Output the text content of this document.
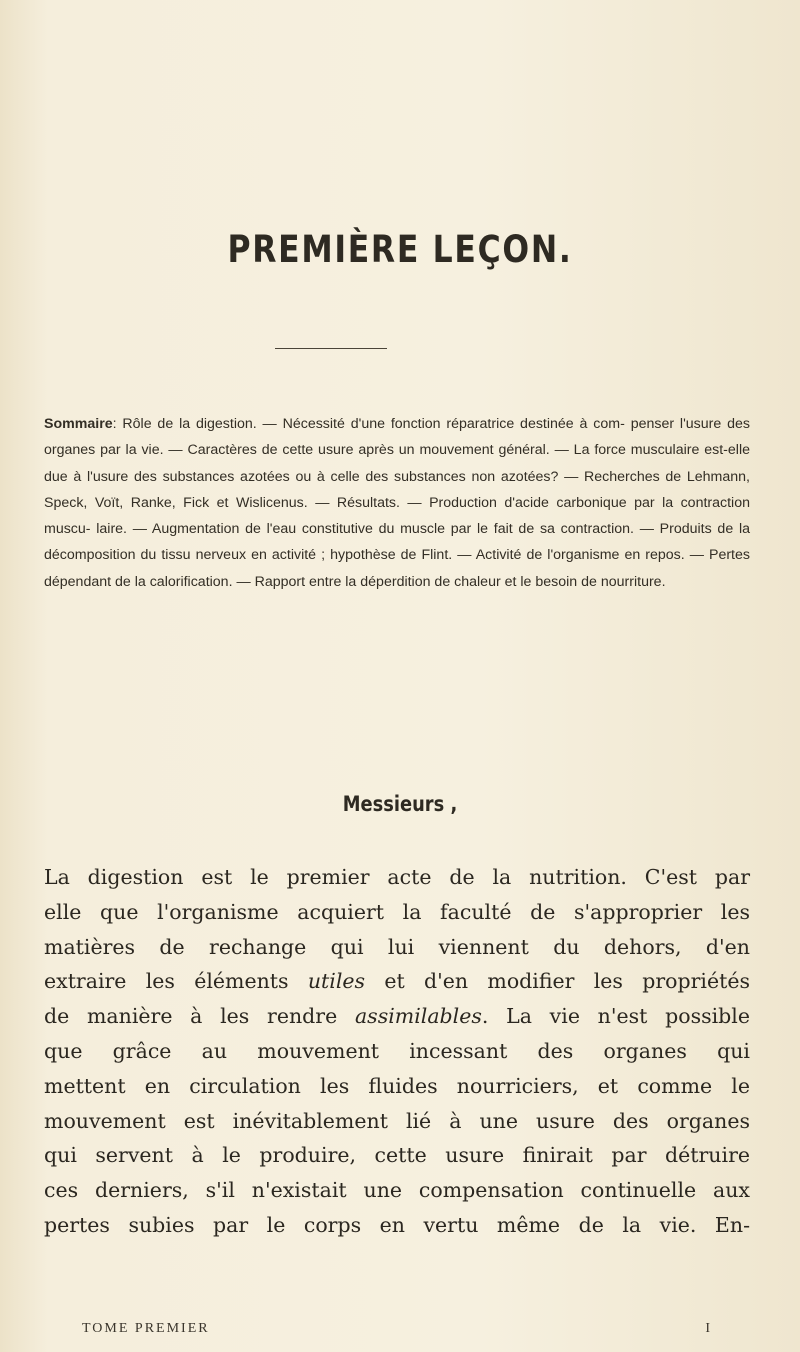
PREMIÈRE LEÇON.
Sommaire: Rôle de la digestion. — Nécessité d'une fonction réparatrice destinée à com- penser l'usure des organes par la vie. — Caractères de cette usure après un mouvement général. — La force musculaire est-elle due à l'usure des substances azotées ou à celle des substances non azotées? — Recherches de Lehmann, Speck, Voït, Ranke, Fick et Wislicenus. — Résultats. — Production d'acide carbonique par la contraction muscu- laire. — Augmentation de l'eau constitutive du muscle par le fait de sa contraction. — Produits de la décomposition du tissu nerveux en activité ; hypothèse de Flint. — Activité de l'organisme en repos. — Pertes dépendant de la calorification. — Rapport entre la déperdition de chaleur et le besoin de nourriture.
Messieurs ,
La digestion est le premier acte de la nutrition. C'est par
elle que l'organisme acquiert la faculté de s'approprier les
matières de rechange qui lui viennent du dehors, d'en
extraire les éléments utiles et d'en modifier les propriétés
de manière à les rendre assimilables. La vie n'est possible
que grâce au mouvement incessant des organes qui
mettent en circulation les fluides nourriciers, et comme le
mouvement est inévitablement lié à une usure des organes
qui servent à le produire, cette usure finirait par détruire
ces derniers, s'il n'existait une compensation continuelle aux
pertes subies par le corps en vertu même de la vie. En-
TOME PREMIER	I
